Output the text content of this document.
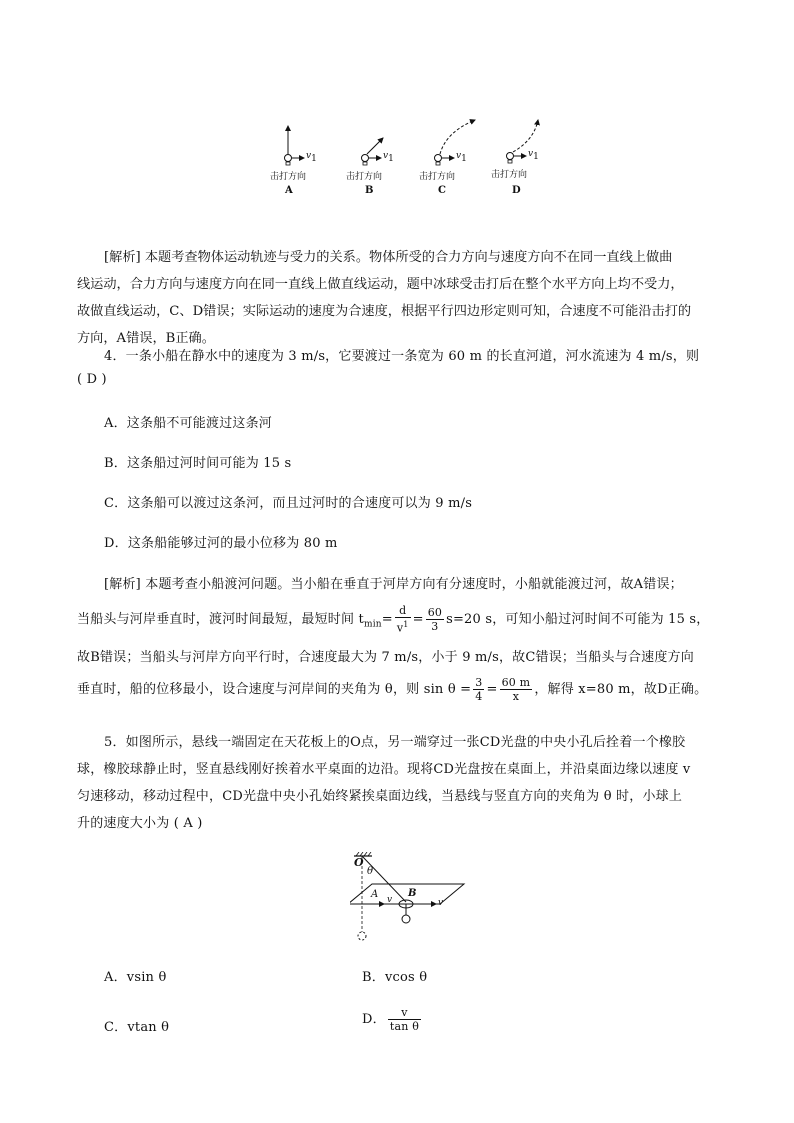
$v_1$	$v_1$	$v_1$	$v_1$
击打方向	击打方向	击打方向	击打方向
A	B	C	D
[解析] 本题考查物体运动轨迹与受力的关系。物体所受的合力方向与速度方向不在同一直线上做曲
线运动，合力方向与速度方向在同一直线上做直线运动，题中冰球受击打后在整个水平方向上均不受力，
故做直线运动，C、D错误；实际运动的速度为合速度，根据平行四边形定则可知，合速度不可能沿击打的
方向，A错误，B正确。
4．一条小船在静水中的速度为 3 m/s，它要渡过一条宽为 60 m 的长直河道，河水流速为 4 m/s，则
( D )
A．这条船不可能渡过这条河
B．这条船过河时间可能为 15 s
C．这条船可以渡过这条河，而且过河时的合速度可以为 9 m/s
D．这条船能够过河的最小位移为 80 m
[解析] 本题考查小船渡河问题。当小船在垂直于河岸方向有分速度时，小船就能渡过河，故A错误；
当船头与河岸垂直时，渡河时间最短，最短时间 $t_{min}= \frac{d}{v^1} = \frac{60}{3} s=20$ s，可知小船过河时间不可能为 15 s，
故B错误；当船头与河岸方向平行时，合速度最大为 7 m/s，小于 9 m/s，故C错误；当船头与合速度方向
垂直时，船的位移最小，设合速度与河岸间的夹角为 θ，则 $\sin \theta = \frac{3}{4} = \frac{60 m}{x}$ ，解得 x=80 m，故D正确。
5．如图所示，悬线一端固定在天花板上的O点，另一端穿过一张CD光盘的中央小孔后拴着一个橡胶
球，橡胶球静止时，竖直悬线刚好挨着水平桌面的边沿。现将CD光盘按在桌面上，并沿桌面边缘以速度 v
匀速移动，移动过程中，CD光盘中央小孔始终紧挨桌面边线，当悬线与竖直方向的夹角为 θ 时，小球上
升的速度大小为 ( A )
O
θ
A v
B
v
A．vsin θ	B．vcos θ
C．vtan θ
D． $\frac{v}{\text{tan θ}}$
